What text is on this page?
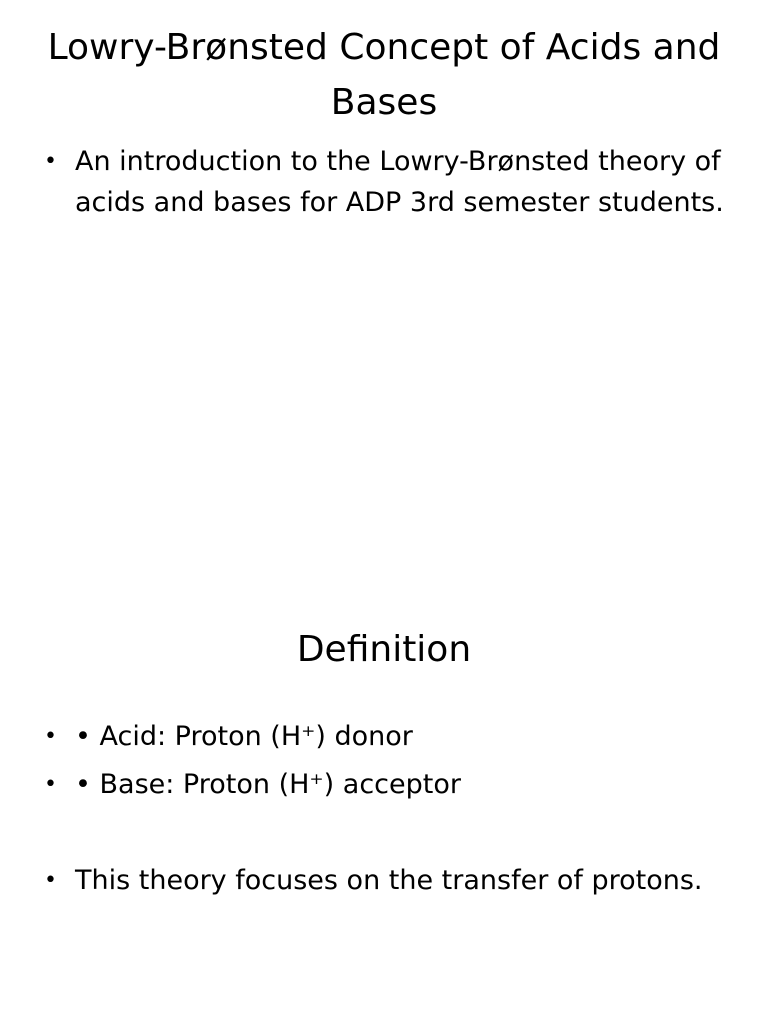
Lowry-Brønsted Concept of Acids and Bases
• An introduction to the Lowry-Brønsted theory of acids and bases for ADP 3rd semester students.
Definition
• • Acid: Proton (H⁺) donor
• • Base: Proton (H⁺) acceptor
• This theory focuses on the transfer of protons.
